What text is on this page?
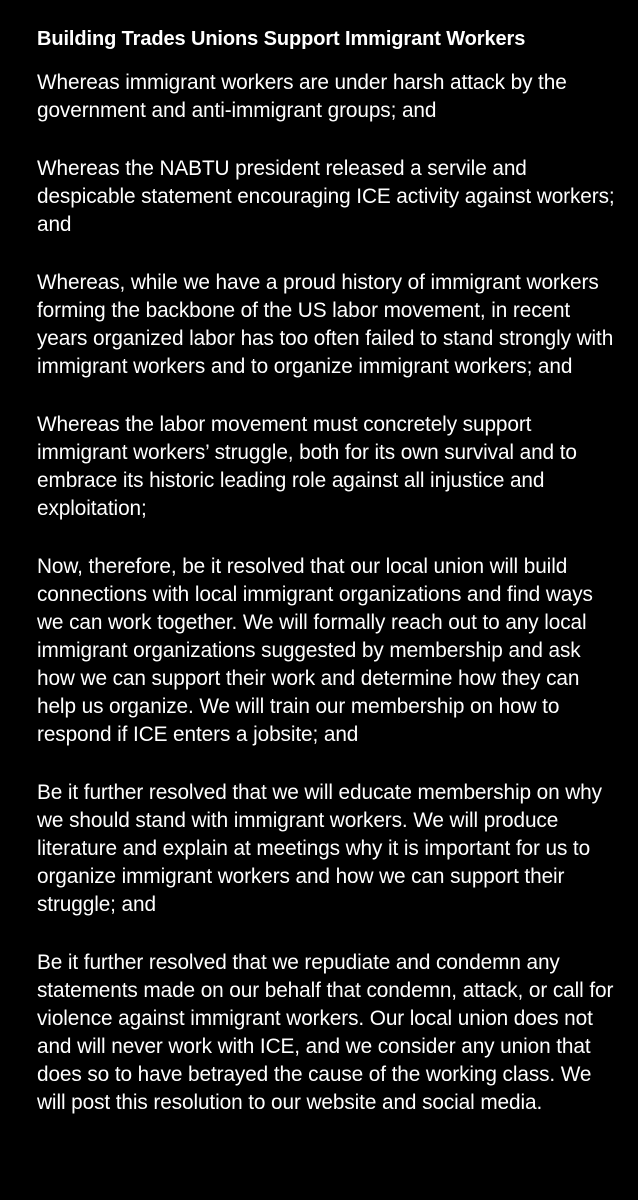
Building Trades Unions Support Immigrant Workers

Whereas immigrant workers are under harsh attack by the government and anti-immigrant groups; and

Whereas the NABTU president released a servile and despicable statement encouraging ICE activity against workers; and

Whereas, while we have a proud history of immigrant workers forming the backbone of the US labor movement, in recent years organized labor has too often failed to stand strongly with immigrant workers and to organize immigrant workers; and

Whereas the labor movement must concretely support immigrant workers’ struggle, both for its own survival and to embrace its historic leading role against all injustice and exploitation;

Now, therefore, be it resolved that our local union will build connections with local immigrant organizations and find ways we can work together. We will formally reach out to any local immigrant organizations suggested by membership and ask how we can support their work and determine how they can help us organize. We will train our membership on how to respond if ICE enters a jobsite; and

Be it further resolved that we will educate membership on why we should stand with immigrant workers. We will produce literature and explain at meetings why it is important for us to organize immigrant workers and how we can support their struggle; and

Be it further resolved that we repudiate and condemn any statements made on our behalf that condemn, attack, or call for violence against immigrant workers. Our local union does not and will never work with ICE, and we consider any union that does so to have betrayed the cause of the working class. We will post this resolution to our website and social media.
